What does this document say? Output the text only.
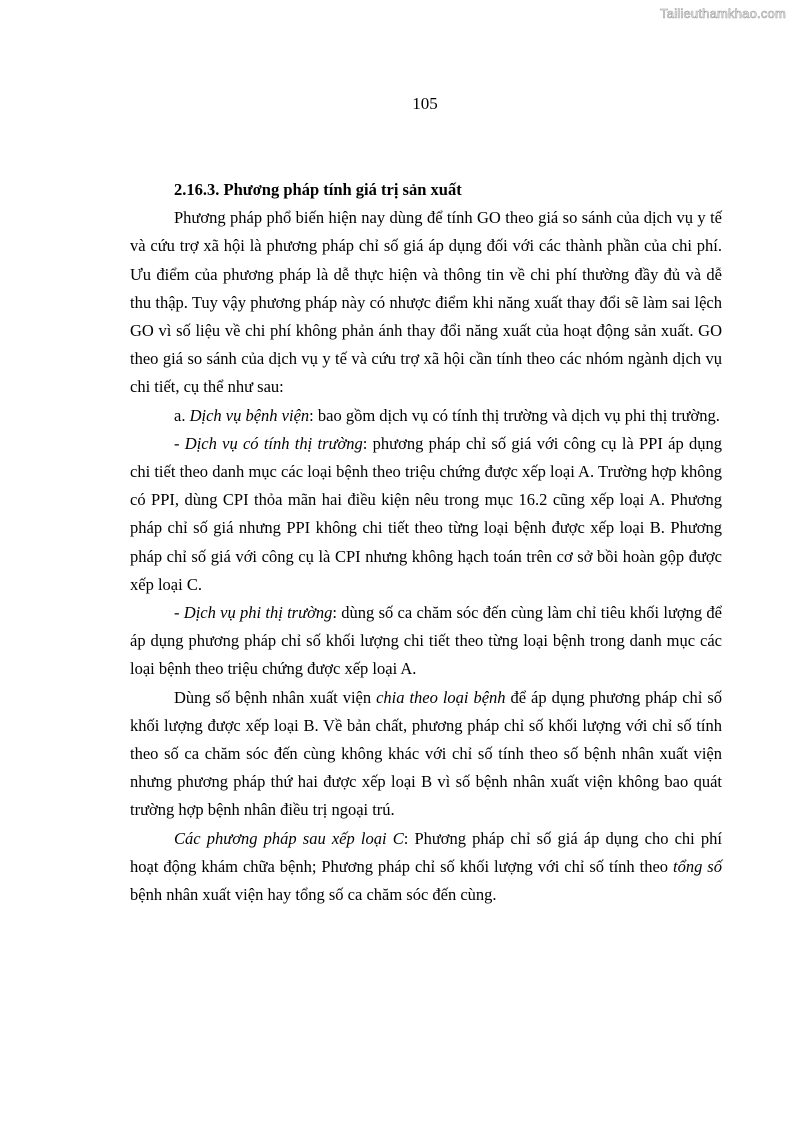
Tailieuthamkhao.com
105

2.16.3. Phương pháp tính giá trị sản xuất

Phương pháp phổ biến hiện nay dùng để tính GO theo giá so sánh của dịch vụ y tế và cứu trợ xã hội là phương pháp chỉ số giá áp dụng đối với các thành phần của chi phí. Ưu điểm của phương pháp là dễ thực hiện và thông tin về chi phí thường đầy đủ và dễ thu thập. Tuy vậy phương pháp này có nhược điểm khi năng xuất thay đổi sẽ làm sai lệch GO vì số liệu về chi phí không phản ánh thay đổi năng xuất của hoạt động sản xuất. GO theo giá so sánh của dịch vụ y tế và cứu trợ xã hội cần tính theo các nhóm ngành dịch vụ chi tiết, cụ thể như sau:

a. Dịch vụ bệnh viện: bao gồm dịch vụ có tính thị trường và dịch vụ phi thị trường.

- Dịch vụ có tính thị trường: phương pháp chỉ số giá với công cụ là PPI áp dụng chi tiết theo danh mục các loại bệnh theo triệu chứng được xếp loại A. Trường hợp không có PPI, dùng CPI thỏa mãn hai điều kiện nêu trong mục 16.2 cũng xếp loại A. Phương pháp chỉ số giá nhưng PPI không chi tiết theo từng loại bệnh được xếp loại B. Phương pháp chỉ số giá với công cụ là CPI nhưng không hạch toán trên cơ sở bồi hoàn gộp được xếp loại C.

- Dịch vụ phi thị trường: dùng số ca chăm sóc đến cùng làm chỉ tiêu khối lượng để áp dụng phương pháp chỉ số khối lượng chi tiết theo từng loại bệnh trong danh mục các loại bệnh theo triệu chứng được xếp loại A.

Dùng số bệnh nhân xuất viện chia theo loại bệnh để áp dụng phương pháp chỉ số khối lượng được xếp loại B. Về bản chất, phương pháp chỉ số khối lượng với chỉ số tính theo số ca chăm sóc đến cùng không khác với chỉ số tính theo số bệnh nhân xuất viện nhưng phương pháp thứ hai được xếp loại B vì số bệnh nhân xuất viện không bao quát trường hợp bệnh nhân điều trị ngoại trú.

Các phương pháp sau xếp loại C: Phương pháp chỉ số giá áp dụng cho chi phí hoạt động khám chữa bệnh; Phương pháp chỉ số khối lượng với chỉ số tính theo tổng số bệnh nhân xuất viện hay tổng số ca chăm sóc đến cùng.
